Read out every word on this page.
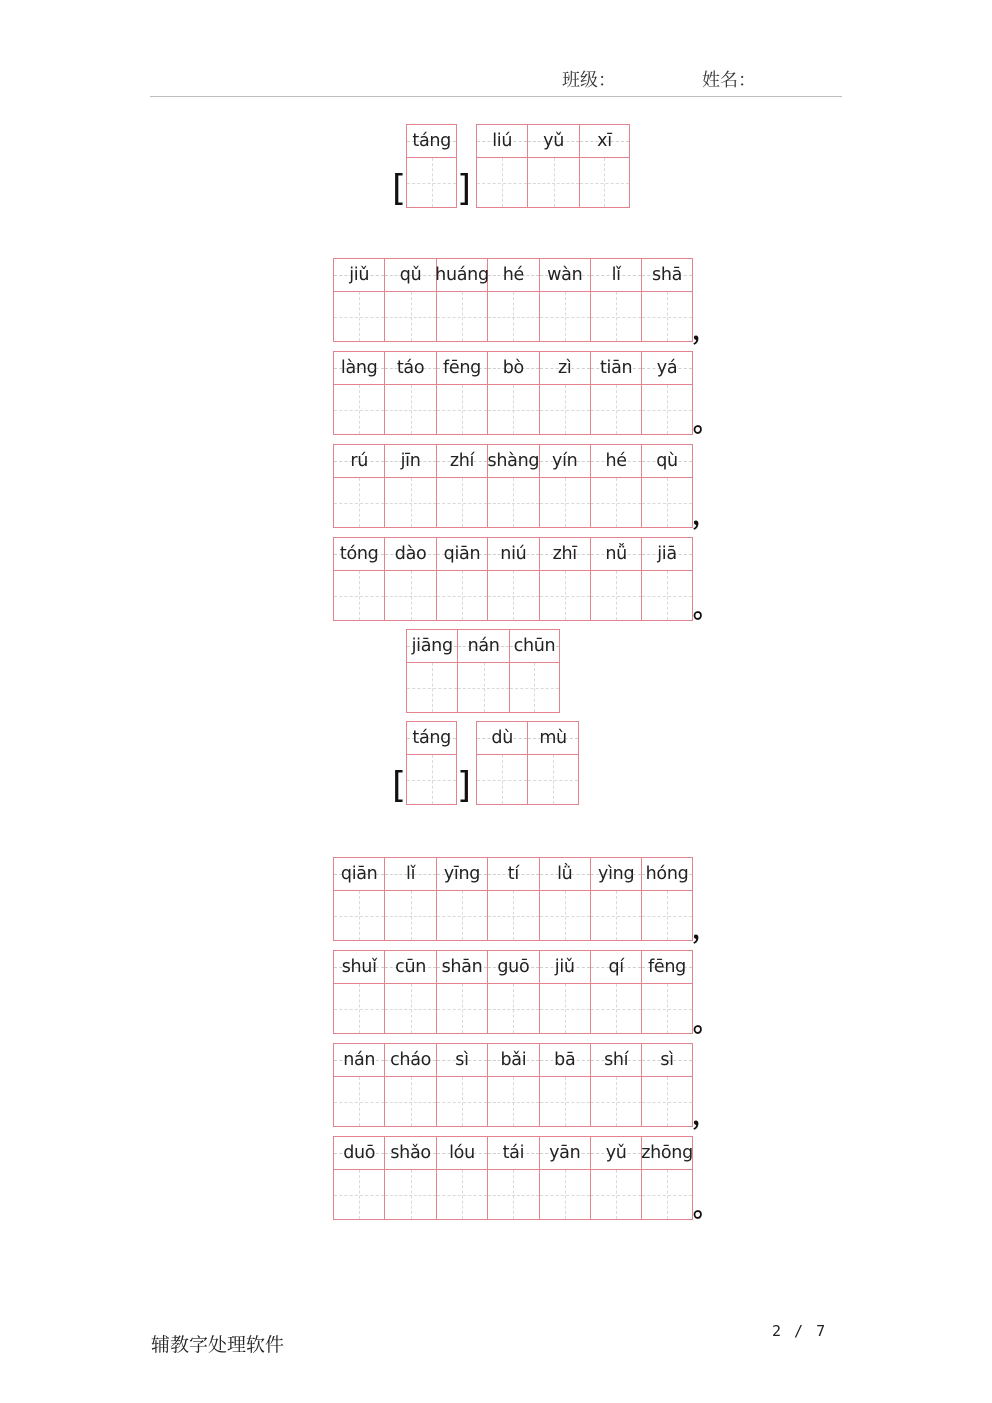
班级：	姓名：
[
táng
]
liú yǔ xī
jiǔ qǔ huáng hé wàn lǐ shā
，
làng táo fēng bò zì tiān yá
。
rú jīn zhí shàng yín hé qù
，
tóng dào qiān niú zhī nǚ jiā
。
jiāng nán chūn
[
táng
]
dù mù
qiān lǐ yīng tí lǜ yìng hóng
，
shuǐ cūn shān guō jiǔ qí fēng
。
nán cháo sì bǎi bā shí sì
，
duō shǎo lóu tái yān yǔ zhōng
。
辅教字处理软件
2 / 7
